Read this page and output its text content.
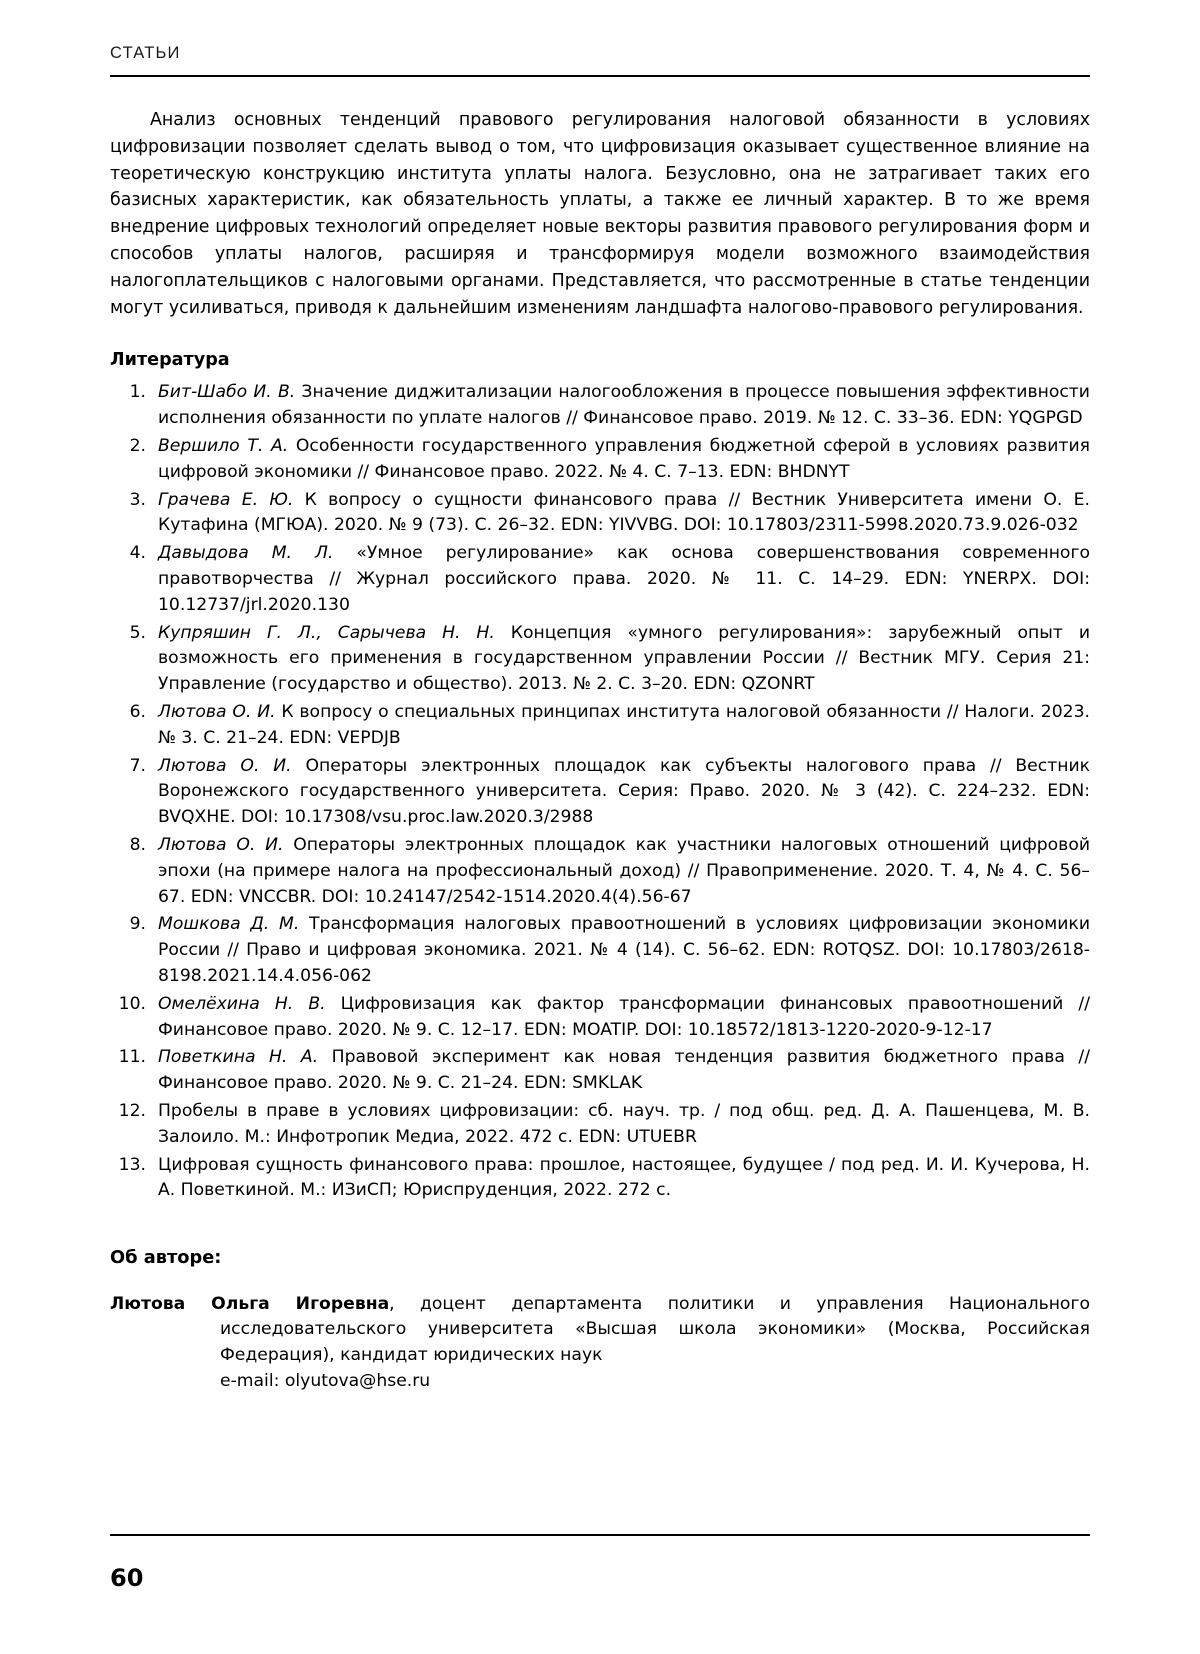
СТАТЬИ

Анализ основных тенденций правового регулирования налоговой обязанности в условиях цифровизации позволяет сделать вывод о том, что цифровизация оказывает существенное влияние на теоретическую конструкцию института уплаты налога. Безусловно, она не затрагивает таких его базисных характеристик, как обязательность уплаты, а также ее личный характер. В то же время внедрение цифровых технологий определяет новые векторы развития правового регулирования форм и способов уплаты налогов, расширяя и трансформируя модели возможного взаимодействия налогоплательщиков с налоговыми органами. Представляется, что рассмотренные в статье тенденции могут усиливаться, приводя к дальнейшим изменениям ландшафта налогово-правового регулирования.

Литература
Бит-Шабо И. В. Значение диджитализации налогообложения в процессе повышения эффективности исполнения обязанности по уплате налогов // Финансовое право. 2019. № 12. С. 33–36. EDN: YQGPGD
Вершило Т. А. Особенности государственного управления бюджетной сферой в условиях развития цифровой экономики // Финансовое право. 2022. № 4. С. 7–13. EDN: BHDNYT
Грачева Е. Ю. К вопросу о сущности финансового права // Вестник Университета имени О. Е. Кутафина (МГЮА). 2020. № 9 (73). С. 26–32. EDN: YIVVBG. DOI: 10.17803/2311-5998.2020.73.9.026-032
Давыдова М. Л. «Умное регулирование» как основа совершенствования современного правотворчества // Журнал российского права. 2020. № 11. С. 14–29. EDN: YNERPX. DOI: 10.12737/jrl.2020.130
Купряшин Г. Л., Сарычева Н. Н. Концепция «умного регулирования»: зарубежный опыт и возможность его применения в государственном управлении России // Вестник МГУ. Серия 21: Управление (государство и общество). 2013. № 2. С. 3–20. EDN: QZONRT
Лютова О. И. К вопросу о специальных принципах института налоговой обязанности // Налоги. 2023. № 3. С. 21–24. EDN: VEPDJB
Лютова О. И. Операторы электронных площадок как субъекты налогового права // Вестник Воронежского государственного университета. Серия: Право. 2020. № 3 (42). С. 224–232. EDN: BVQXHE. DOI: 10.17308/vsu.proc.law.2020.3/2988
Лютова О. И. Операторы электронных площадок как участники налоговых отношений цифровой эпохи (на примере налога на профессиональный доход) // Правоприменение. 2020. Т. 4, № 4. С. 56–67. EDN: VNCCBR. DOI: 10.24147/2542-1514.2020.4(4).56-67
Мошкова Д. М. Трансформация налоговых правоотношений в условиях цифровизации экономики России // Право и цифровая экономика. 2021. № 4 (14). С. 56–62. EDN: ROTQSZ. DOI: 10.17803/2618-8198.2021.14.4.056-062
Омелёхина Н. В. Цифровизация как фактор трансформации финансовых правоотношений // Финансовое право. 2020. № 9. С. 12–17. EDN: MOATIP. DOI: 10.18572/1813-1220-2020-9-12-17
Поветкина Н. А. Правовой эксперимент как новая тенденция развития бюджетного права // Финансовое право. 2020. № 9. С. 21–24. EDN: SMKLAK
Пробелы в праве в условиях цифровизации: сб. науч. тр. / под общ. ред. Д. А. Пашенцева, М. В. Залоило. М.: Инфотропик Медиа, 2022. 472 с. EDN: UTUEBR
Цифровая сущность финансового права: прошлое, настоящее, будущее / под ред. И. И. Кучерова, Н. А. Поветкиной. М.: ИЗиСП; Юриспруденция, 2022. 272 с.
Об авторе:
Лютова Ольга Игоревна, доцент департамента политики и управления Национального исследовательского университета «Высшая школа экономики» (Москва, Российская Федерация), кандидат юридических наук
e-mail: olyutova@hse.ru
60
